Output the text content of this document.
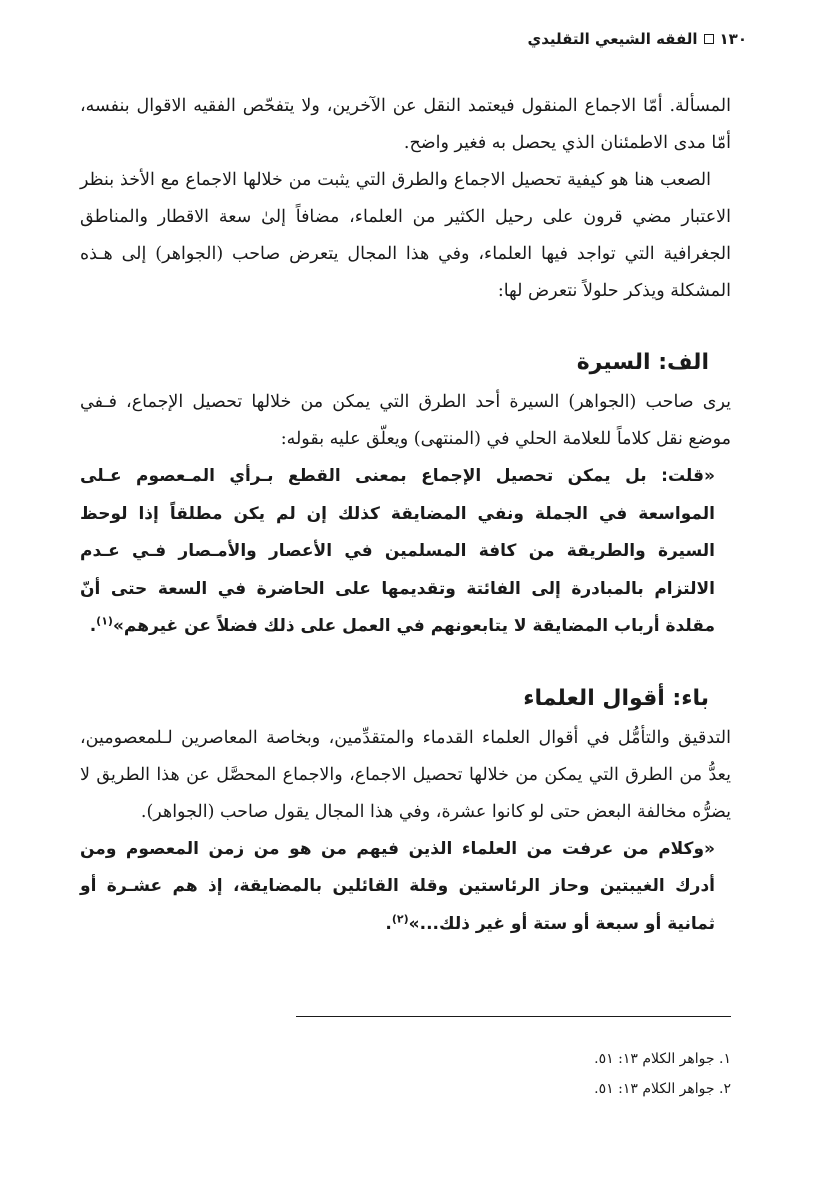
١٣٠
الفقه الشيعي التقليدي

المسألة. أمّا الاجماع المنقول فيعتمد النقل عن الآخرين، ولا يتفحّص الفقيه الاقوال بنفسه، أمّا مدى الاطمئنان الذي يحصل به فغير واضح.

الصعب هنا هو كيفية تحصيل الاجماع والطرق التي يثبت من خلالها الاجماع مع الأخذ بنظر الاعتبار مضي قرون على رحيل الكثير من العلماء، مضافاً إلىٰ سعة الاقطار والمناطق الجغرافية التي تواجد فيها العلماء، وفي هذا المجال يتعرض صاحب (الجواهر) إلى هـذه المشكلة ويذكر حلولاً نتعرض لها:

الف: السيرة

يرى صاحب (الجواهر) السيرة أحد الطرق التي يمكن من خلالها تحصيل الإجماع، فـفي موضع نقل كلاماً للعلامة الحلي في (المنتهى) ويعلّق عليه بقوله:

«قلت: بل يمكن تحصيل الإجماع بمعنى القطع بـرأي المـعصوم عـلى المواسعة في الجملة ونفي المضايقة كذلك إن لم يكن مطلقاً إذا لوحظ السيرة والطريقة من كافة المسلمين في الأعصار والأمـصار فـي عـدم الالتزام بالمبادرة إلى الفائتة وتقديمها على الحاضرة في السعة حتى أنّ مقلدة أرباب المضايقة لا يتابعونهم في العمل على ذلك فضلاً عن غيرهم»$^{(١)}$.

باء: أقوال العلماء

التدقيق والتأمُّل في أقوال العلماء القدماء والمتقدِّمين، وبخاصة المعاصرين لـلمعصومين، يعدُّ من الطرق التي يمكن من خلالها تحصيل الاجماع، والاجماع المحصَّل عن هذا الطريق لا يضرُّه مخالفة البعض حتى لو كانوا عشرة، وفي هذا المجال يقول صاحب (الجواهر).

«وكلام من عرفت من العلماء الذين فيهم من هو من زمن المعصوم ومن أدرك الغيبتين وحاز الرئاستين وقلة القائلين بالمضايقة، إذ هم عشـرة أو ثمانية أو سبعة أو ستة أو غير ذلك...»$^{(٢)}$.

١. جواهر الكلام ١٣: ٥١.
٢. جواهر الكلام ١٣: ٥١.
